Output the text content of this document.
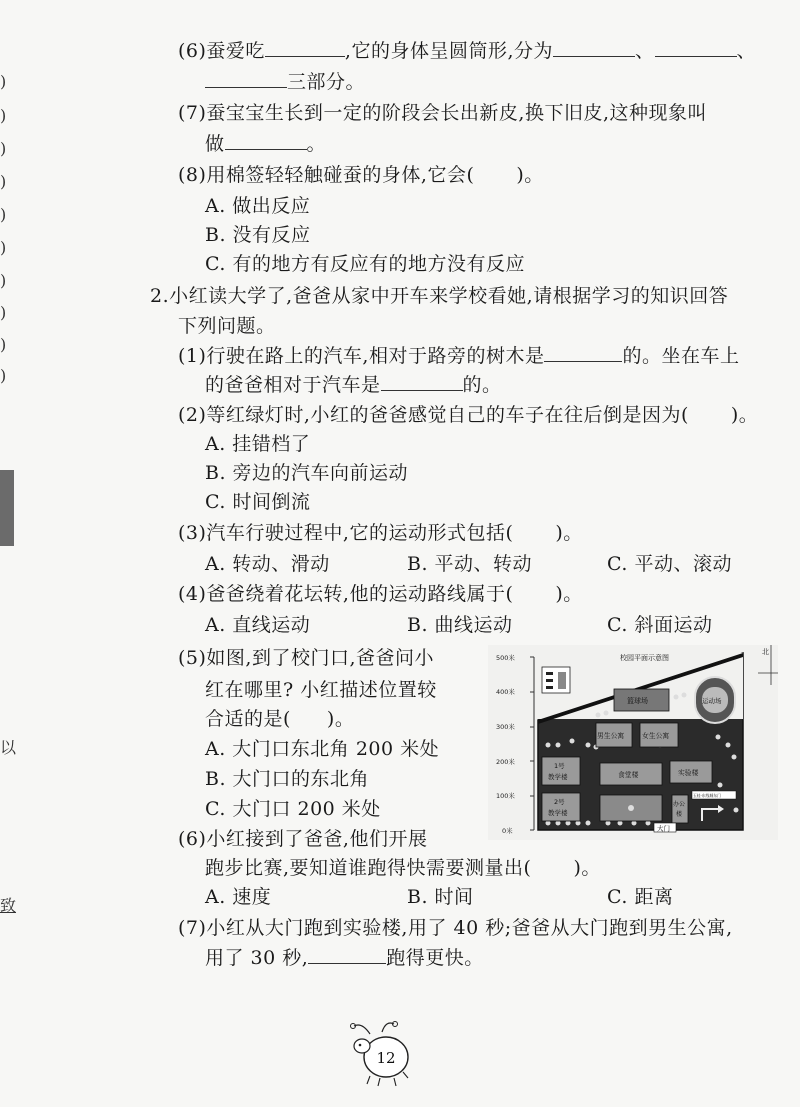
)
)
)
)
)
)
)
)
)
)
以
致
(6)蚕爱吃	,它的身体呈圆筒形,分为	、	、
三部分。
(7)蚕宝宝生长到一定的阶段会长出新皮,换下旧皮,这种现象叫
做	。
(8)用棉签轻轻触碰蚕的身体,它会( )。
A. 做出反应
B. 没有反应
C. 有的地方有反应有的地方没有反应
2.小红读大学了,爸爸从家中开车来学校看她,请根据学习的知识回答
下列问题。
(1)行驶在路上的汽车,相对于路旁的树木是	的。坐在车上
的爸爸相对于汽车是	的。
(2)等红绿灯时,小红的爸爸感觉自己的车子在往后倒是因为( )。
A. 挂错档了
B. 旁边的汽车向前运动
C. 时间倒流
(3)汽车行驶过程中,它的运动形式包括( )。
A. 转动、滑动	B. 平动、转动	C. 平动、滚动
(4)爸爸绕着花坛转,他的运动路线属于( )。
A. 直线运动	B. 曲线运动	C. 斜面运动
(5)如图,到了校门口,爸爸问小
红在哪里? 小红描述位置较
合适的是( )。
A. 大门口东北角 200 米处
B. 大门口的东北角
C. 大门口 200 米处
500米
400米
300米
200米
100米
0米
校园平面示意图
篮球场	运动场
男生公寓	女生公寓
1号
教学楼	食堂楼	实验楼
2号
教学楼
办公
楼
玉桂·东线城东门
大门
北
(6)小红接到了爸爸,他们开展
跑步比赛,要知道谁跑得快需要测量出( )。
A. 速度	B. 时间	C. 距离
(7)小红从大门跑到实验楼,用了 40 秒;爸爸从大门跑到男生公寓,
用了 30 秒,	跑得更快。
12
